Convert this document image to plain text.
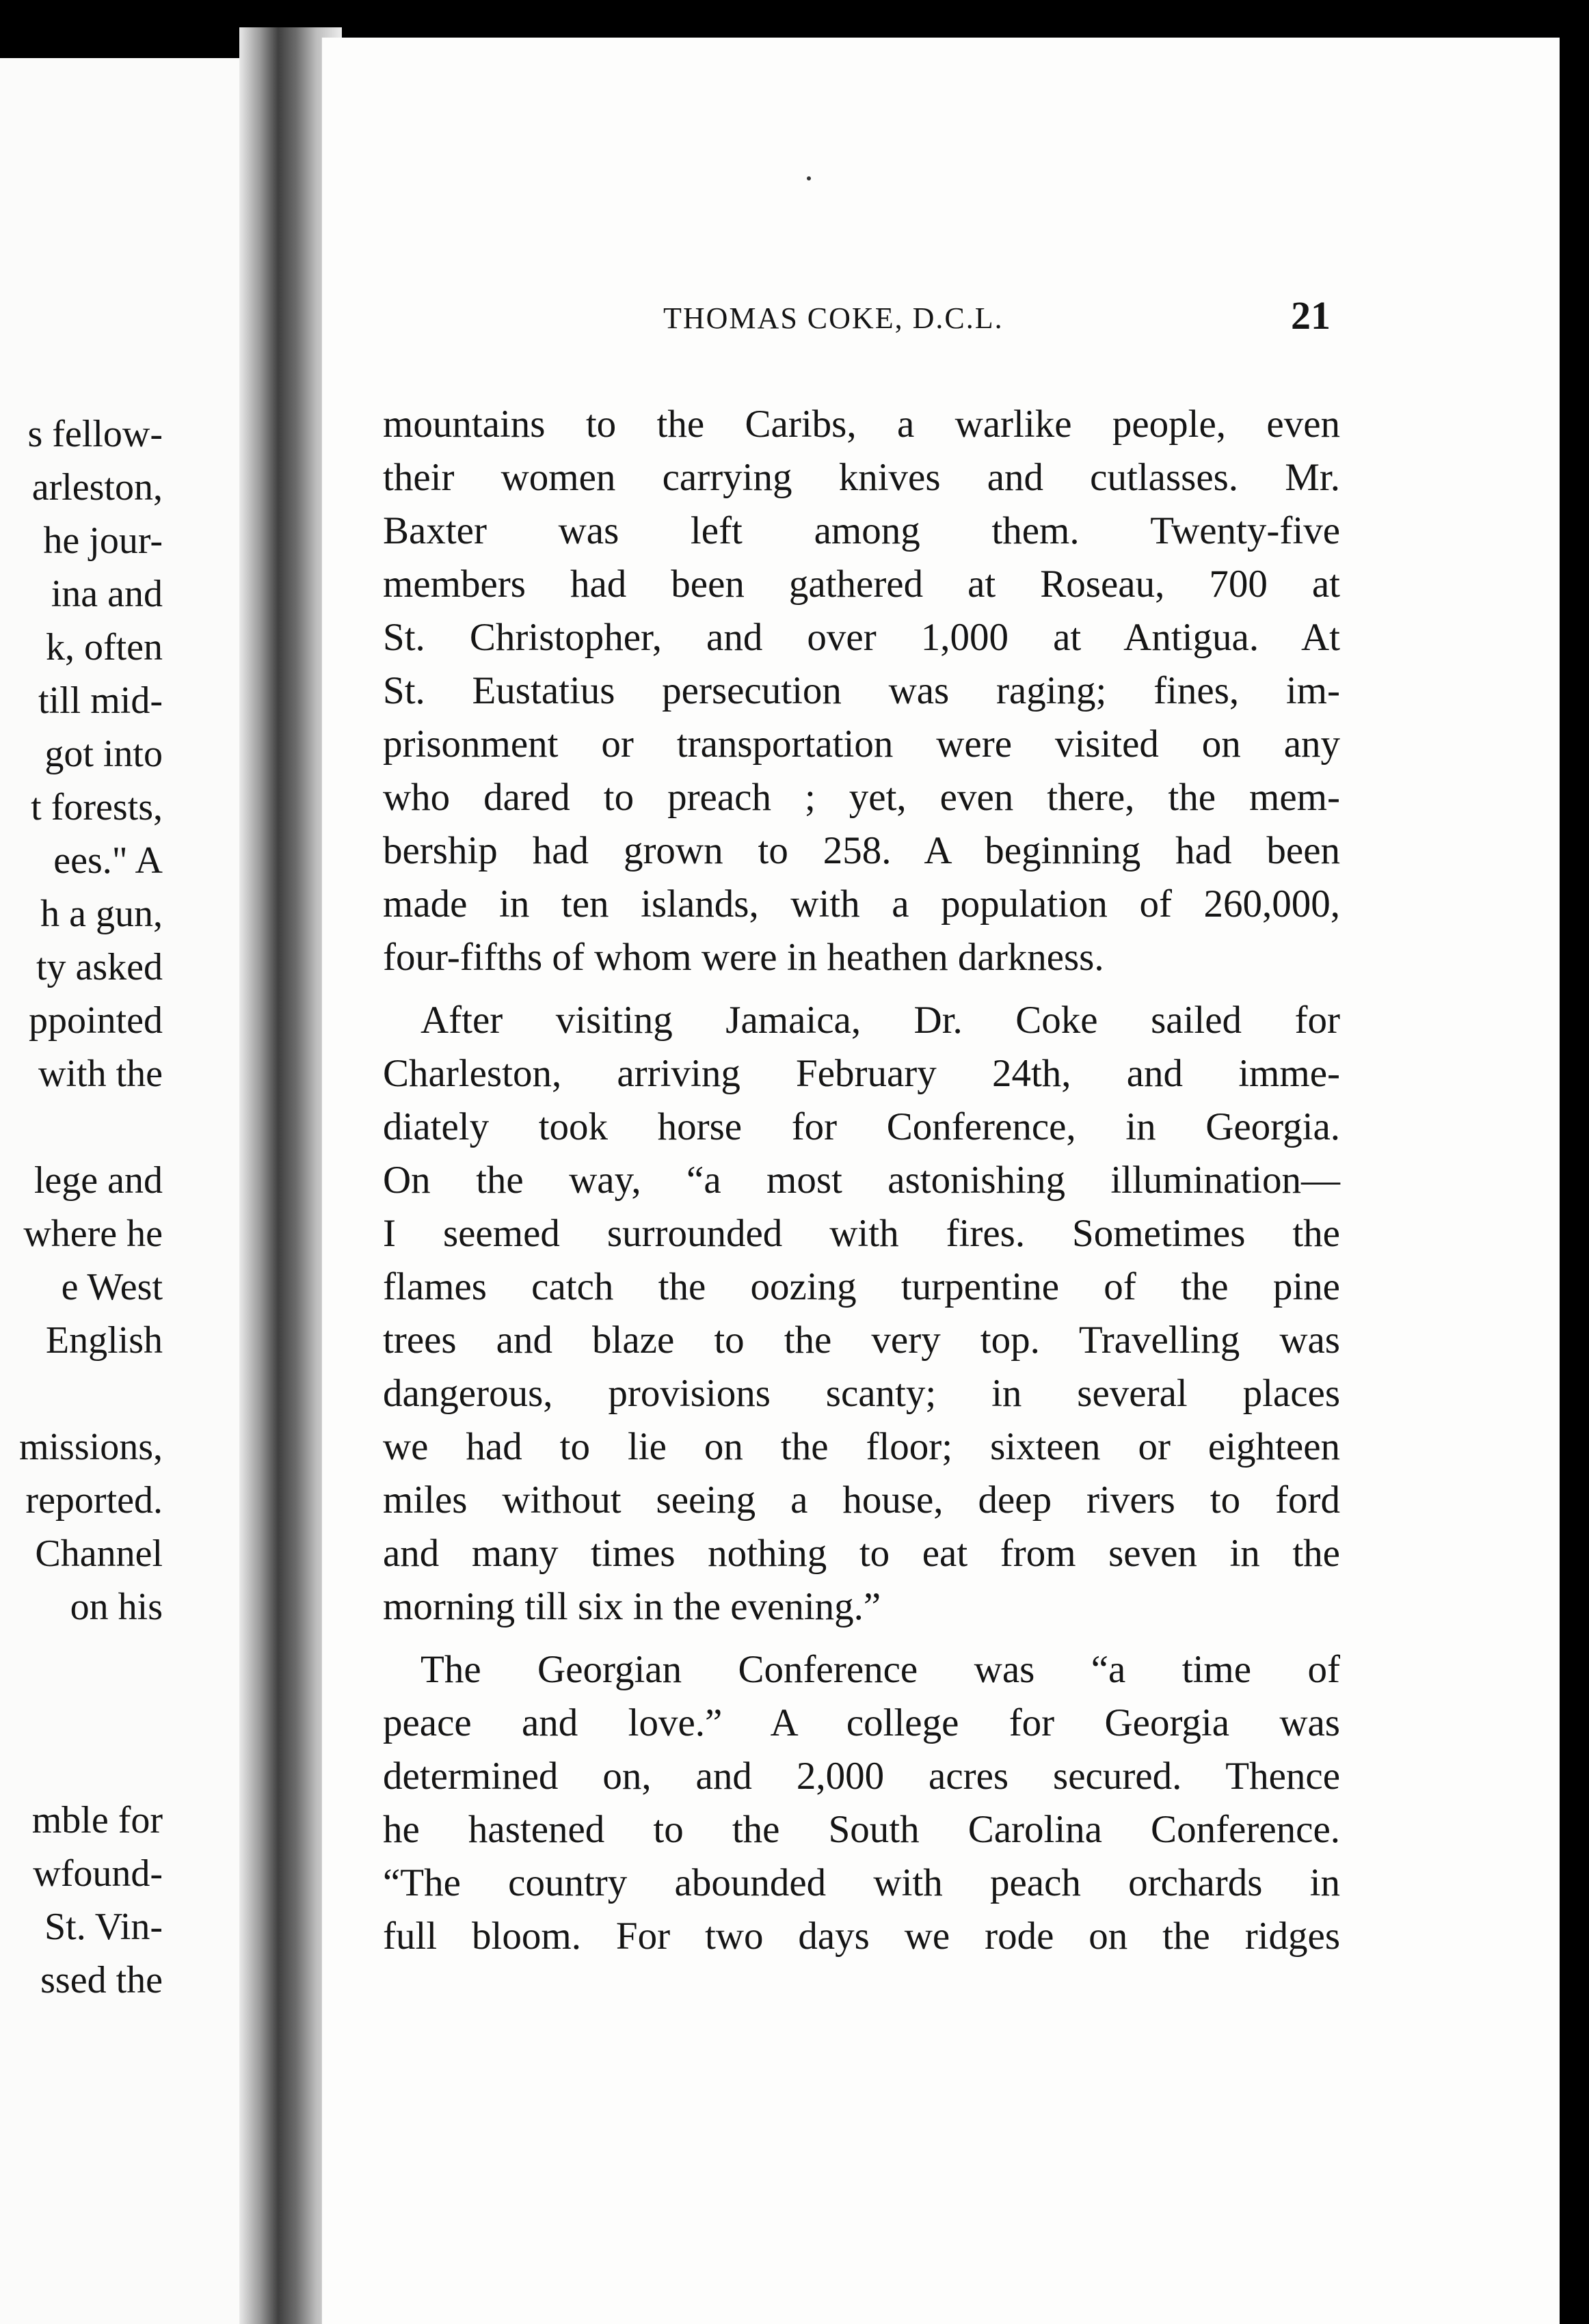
s fellow-
arleston,
he jour-
ina and
k, often
till mid-
got into
t forests,
ees." A
h a gun,
ty asked
ppointed
with the
lege and
where he
e West
English
missions,
reported.
Channel
on his
mble for
wfound-
St. Vin-
ssed the
THOMAS COKE, D.C.L.	21
mountains to the Caribs, a warlike people, even
their women carrying knives and cutlasses. Mr.
Baxter was left among them. Twenty-five
members had been gathered at Roseau, 700 at
St. Christopher, and over 1,000 at Antigua. At
St. Eustatius persecution was raging; fines, im-
prisonment or transportation were visited on any
who dared to preach ; yet, even there, the mem-
bership had grown to 258. A beginning had been
made in ten islands, with a population of 260,000,
four-fifths of whom were in heathen darkness.
After visiting Jamaica, Dr. Coke sailed for
Charleston, arriving February 24th, and imme-
diately took horse for Conference, in Georgia.
On the way, “a most astonishing illumination—
I seemed surrounded with fires. Sometimes the
flames catch the oozing turpentine of the pine
trees and blaze to the very top. Travelling was
dangerous, provisions scanty; in several places
we had to lie on the floor; sixteen or eighteen
miles without seeing a house, deep rivers to ford
and many times nothing to eat from seven in the
morning till six in the evening.”
The Georgian Conference was “a time of
peace and love.” A college for Georgia was
determined on, and 2,000 acres secured. Thence
he hastened to the South Carolina Conference.
“The country abounded with peach orchards in
full bloom. For two days we rode on the ridges
